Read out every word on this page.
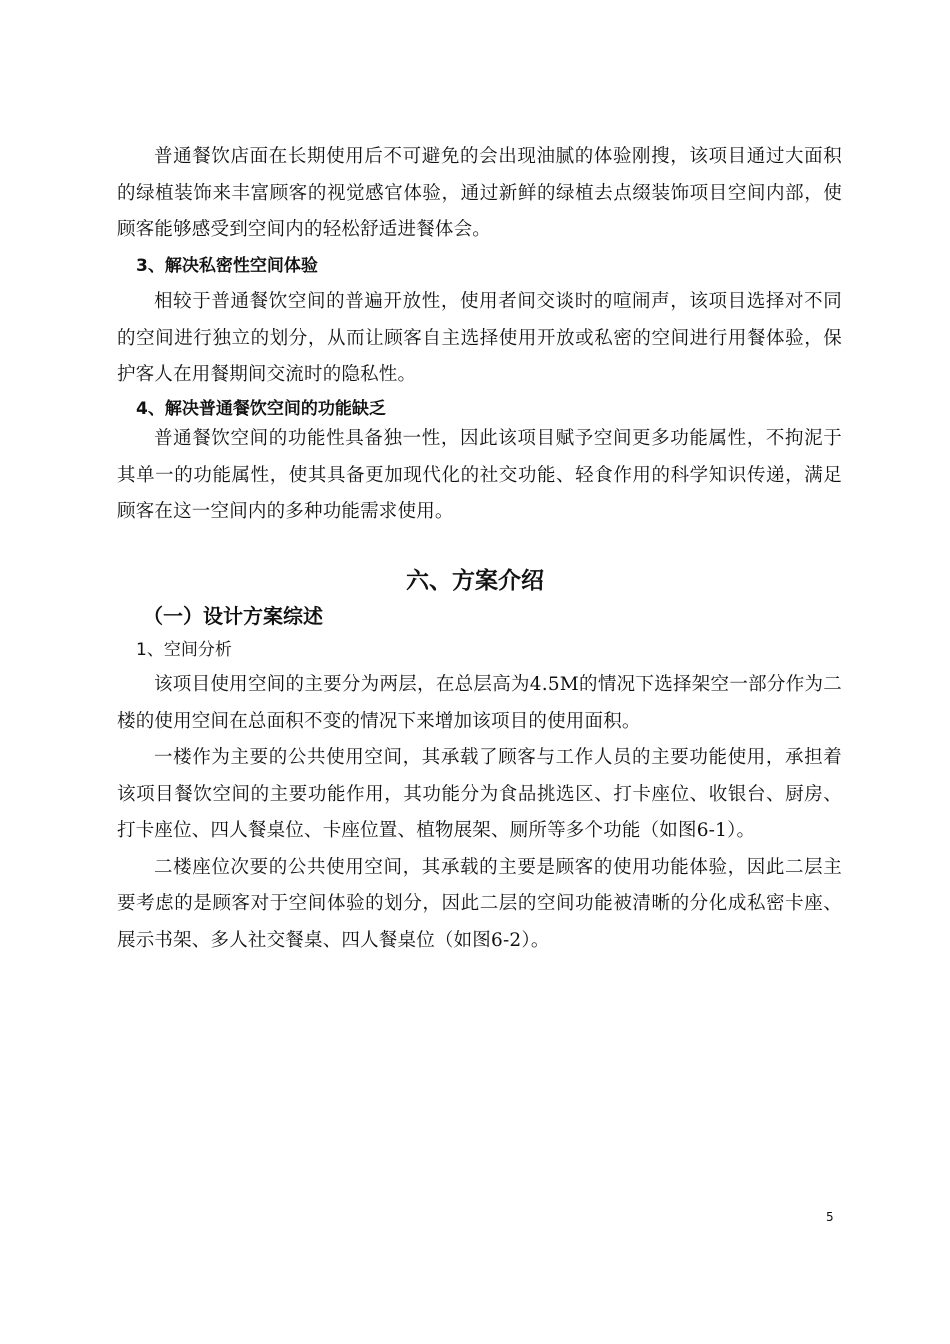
普通餐饮店面在长期使用后不可避免的会出现油腻的体验刚搜，该项目通过大面积的绿植装饰来丰富顾客的视觉感官体验，通过新鲜的绿植去点缀装饰项目空间内部，使顾客能够感受到空间内的轻松舒适进餐体会。

3、解决私密性空间体验

相较于普通餐饮空间的普遍开放性，使用者间交谈时的喧闹声，该项目选择对不同的空间进行独立的划分，从而让顾客自主选择使用开放或私密的空间进行用餐体验，保护客人在用餐期间交流时的隐私性。

4、解决普通餐饮空间的功能缺乏

普通餐饮空间的功能性具备独一性，因此该项目赋予空间更多功能属性，不拘泥于其单一的功能属性，使其具备更加现代化的社交功能、轻食作用的科学知识传递，满足顾客在这一空间内的多种功能需求使用。

六、方案介绍
（一）设计方案综述

1、空间分析

该项目使用空间的主要分为两层，在总层高为4.5M的情况下选择架空一部分作为二楼的使用空间在总面积不变的情况下来增加该项目的使用面积。

一楼作为主要的公共使用空间，其承载了顾客与工作人员的主要功能使用，承担着该项目餐饮空间的主要功能作用，其功能分为食品挑选区、打卡座位、收银台、厨房、打卡座位、四人餐桌位、卡座位置、植物展架、厕所等多个功能（如图6-1）。

二楼座位次要的公共使用空间，其承载的主要是顾客的使用功能体验，因此二层主要考虑的是顾客对于空间体验的划分，因此二层的空间功能被清晰的分化成私密卡座、展示书架、多人社交餐桌、四人餐桌位（如图6-2）。

5
